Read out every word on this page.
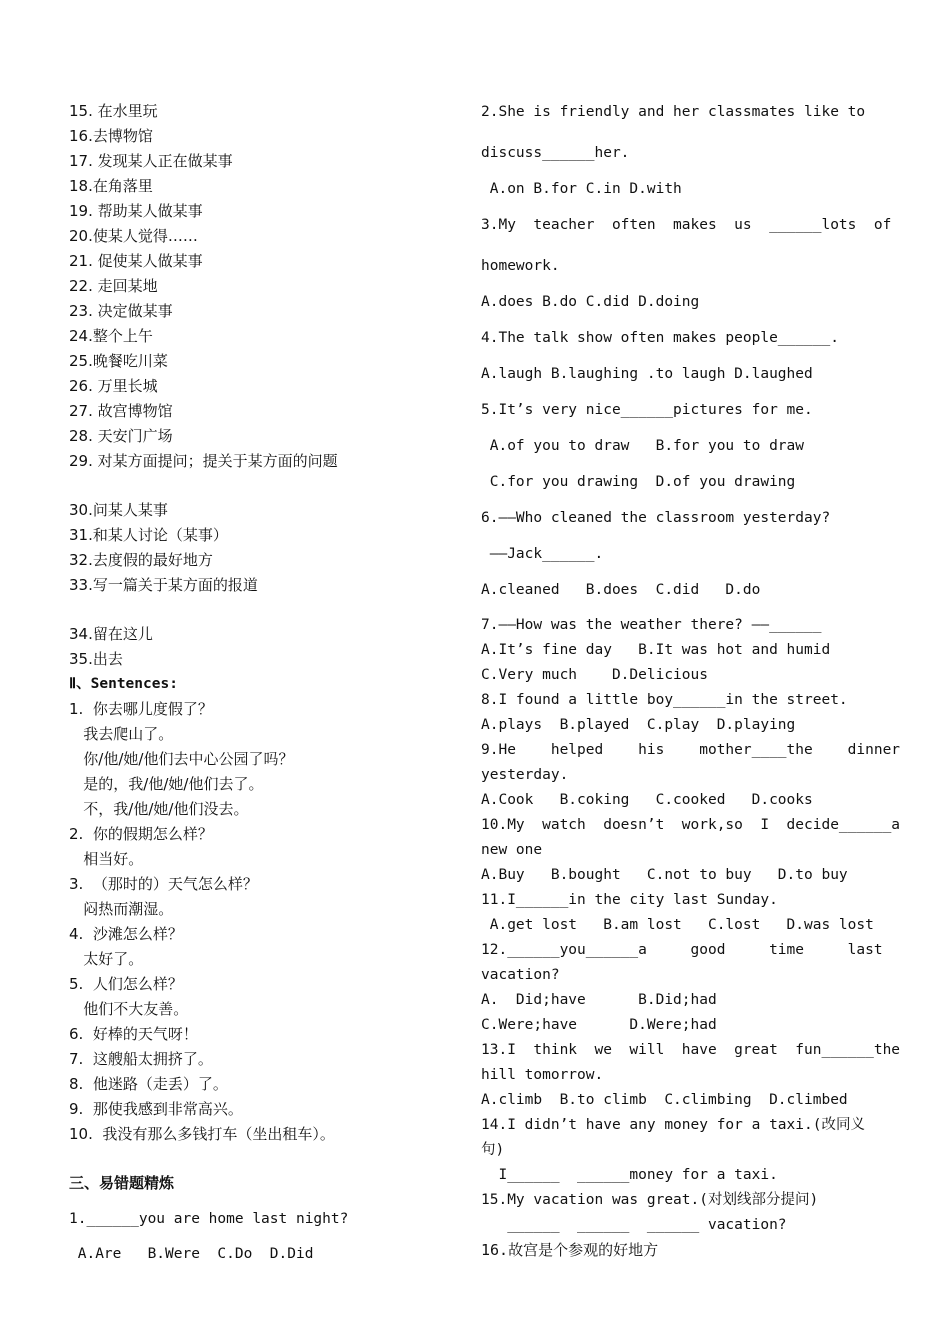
15. 在水里玩
16.去博物馆
17. 发现某人正在做某事
18.在角落里
19. 帮助某人做某事
20.使某人觉得……
21. 促使某人做某事
22. 走回某地
23. 决定做某事
24.整个上午
25.晚餐吃川菜
26. 万里长城
27. 故宫博物馆
28. 天安门广场
29. 对某方面提问；提关于某方面的问题
30.问某人某事
31.和某人讨论（某事）
32.去度假的最好地方
33.写一篇关于某方面的报道
34.留在这儿
35.出去
Ⅱ、Sentences:
1.  你去哪儿度假了？
我去爬山了。
你/他/她/他们去中心公园了吗？
是的，我/他/她/他们去了。
不，我/他/她/他们没去。
2.  你的假期怎么样？
相当好。
3.  （那时的）天气怎么样？
闷热而潮湿。
4.  沙滩怎么样？
太好了。
5.  人们怎么样？
他们不大友善。
6.  好棒的天气呀！
7.  这艘船太拥挤了。
8.  他迷路（走丢）了。
9.  那使我感到非常高兴。
10.  我没有那么多钱打车（坐出租车）。
三、易错题精炼
1.______you are home last night?
A.Are   B.Were  C.Do  D.Did
2.She is friendly and her classmates like to
discuss______her.
A.on B.for C.in D.with
3.My  teacher  often  makes  us  ______lots  of
homework.
A.does B.do C.did D.doing
4.The talk show often makes people______.
A.laugh B.laughing .to laugh D.laughed
5.It’s very nice______pictures for me.
A.of you to draw   B.for you to draw
C.for you drawing  D.of you drawing
6.——Who cleaned the classroom yesterday?
——Jack______.
A.cleaned   B.does  C.did   D.do
7.——How was the weather there? ——______
A.It’s fine day   B.It was hot and humid
C.Very much    D.Delicious
8.I found a little boy______in the street.
A.plays  B.played  C.play  D.playing
9.He    helped    his    mother____the    dinner
yesterday.
A.Cook   B.coking   C.cooked   D.cooks
10.My  watch  doesn’t  work,so  I  decide______a
new one
A.Buy   B.bought   C.not to buy   D.to buy
11.I______in the city last Sunday.
A.get lost   B.am lost   C.lost   D.was lost
12.______you______a     good     time     last
vacation?
A.  Did;have      B.Did;had
C.Were;have      D.Were;had
13.I  think  we  will  have  great  fun______the
hill tomorrow.
A.climb  B.to climb  C.climbing  D.climbed
14.I didn’t have any money for a taxi.(改同义
句)
I______  ______money for a taxi.
15.My vacation was great.(对划线部分提问)
______  ______  ______ vacation?
16.故宫是个参观的好地方
